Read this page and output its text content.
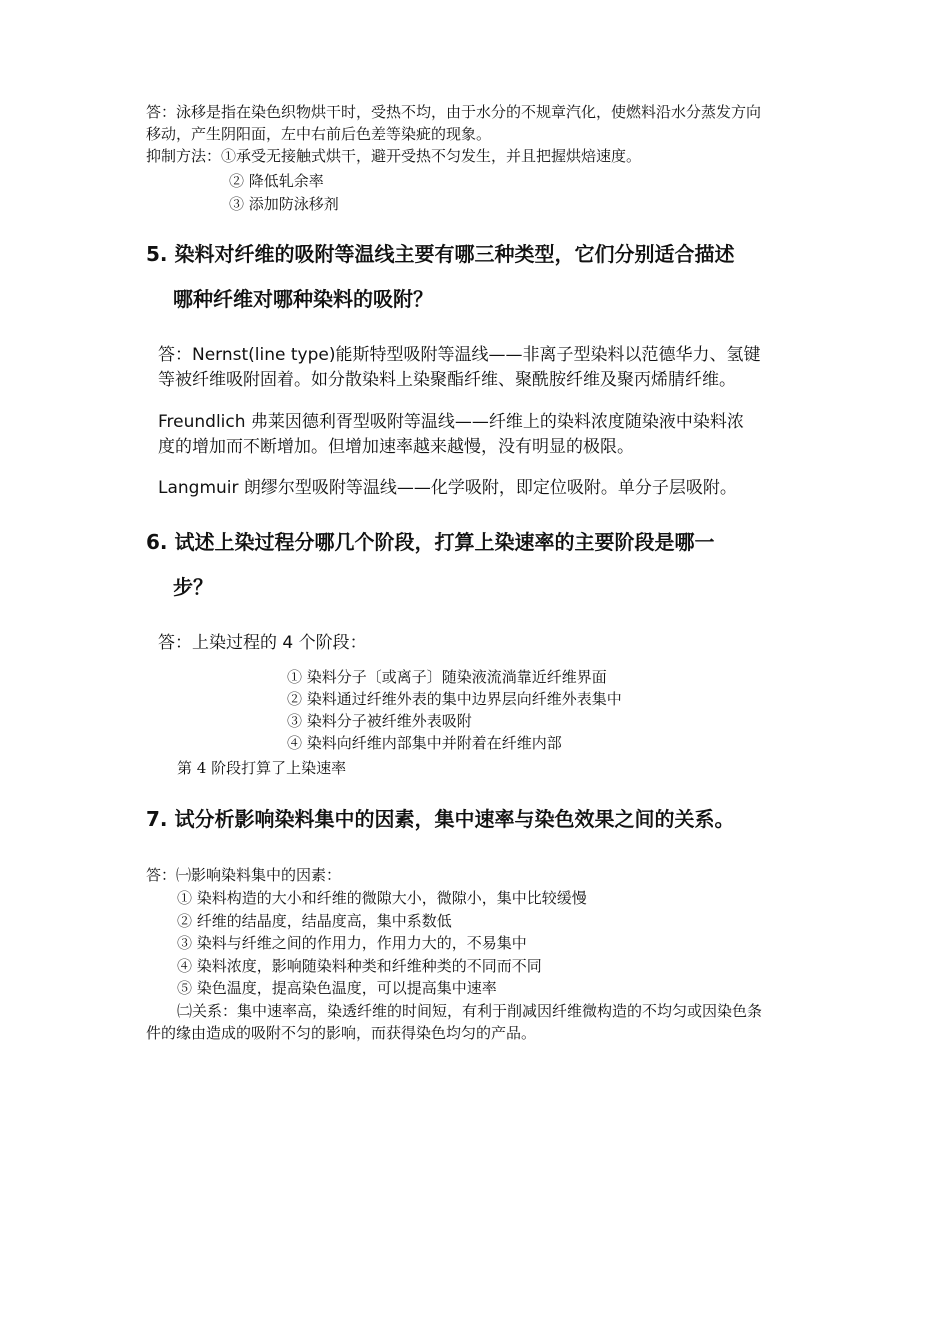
答：泳移是指在染色织物烘干时，受热不均，由于水分的不规章汽化，使燃料沿水分蒸发方向
移动，产生阴阳面，左中右前后色差等染疵的现象。
抑制方法：①承受无接触式烘干，避开受热不匀发生，并且把握烘焙速度。
② 降低轧余率
③ 添加防泳移剂
5. 染料对纤维的吸附等温线主要有哪三种类型，它们分别适合描述
哪种纤维对哪种染料的吸附？
答：Nernst(line type)能斯特型吸附等温线——非离子型染料以范德华力、氢键
等被纤维吸附固着。如分散染料上染聚酯纤维、聚酰胺纤维及聚丙烯腈纤维。
Freundlich 弗莱因德利胥型吸附等温线——纤维上的染料浓度随染液中染料浓
度的增加而不断增加。但增加速率越来越慢，没有明显的极限。
Langmuir 朗缪尔型吸附等温线——化学吸附，即定位吸附。单分子层吸附。
6. 试述上染过程分哪几个阶段，打算上染速率的主要阶段是哪一
步？
答：上染过程的 4 个阶段：
① 染料分子〔或离子〕随染液流淌靠近纤维界面
② 染料通过纤维外表的集中边界层向纤维外表集中
③ 染料分子被纤维外表吸附
④ 染料向纤维内部集中并附着在纤维内部
第 4 阶段打算了上染速率
7. 试分析影响染料集中的因素，集中速率与染色效果之间的关系。
答：㈠影响染料集中的因素：
① 染料构造的大小和纤维的微隙大小，微隙小，集中比较缓慢
② 纤维的结晶度，结晶度高，集中系数低
③ 染料与纤维之间的作用力，作用力大的，不易集中
④ 染料浓度，影响随染料种类和纤维种类的不同而不同
⑤ 染色温度，提高染色温度，可以提高集中速率
㈡关系：集中速率高，染透纤维的时间短，有利于削减因纤维微构造的不均匀或因染色条
件的缘由造成的吸附不匀的影响，而获得染色均匀的产品。
